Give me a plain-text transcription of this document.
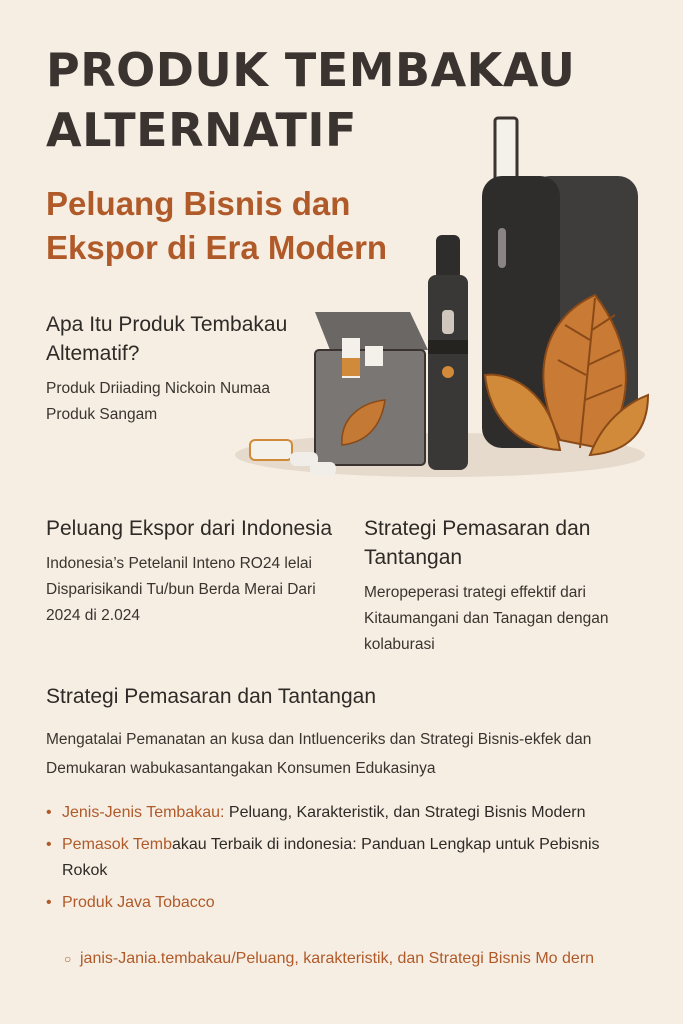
PRODUK TEMBAKAU ALTERNATIF
Peluang Bisnis dan Ekspor di Era Modern
Apa Itu Produk Tembakau Altematif?

Produk Driiading Nickoin Numaa Produk Sangam

Peluang Ekspor dari Indonesia

Indonesia’s Petelanil Inteno RO24 lelai Disparisikandi Tu/bun Berda Merai Dari 2024 di 2.024

Strategi Pemasaran dan Tantangan

Meropeperasi trategi effektif dari Kitaumangani dan Tanagan dengan kolaburasi

Strategi Pemasaran dan Tantangan

Mengatalai Pemanatan an kusa dan Intluenceriks dan Strategi Bisnis-ekfek dan Demukaran wabukasantangakan Konsumen Edukasinya

• Jenis-Jenis Tembakau: Peluang, Karakteristik, dan Strategi Bisnis Modern
• Pemasok Tembakau Terbaik di indonesia: Panduan Lengkap untuk Pebisnis Rokok
• Produk Java Tobacco
○ janis-Jania.tembakau/Peluang, karakteristik, dan Strategi Bisnis Mo dern
